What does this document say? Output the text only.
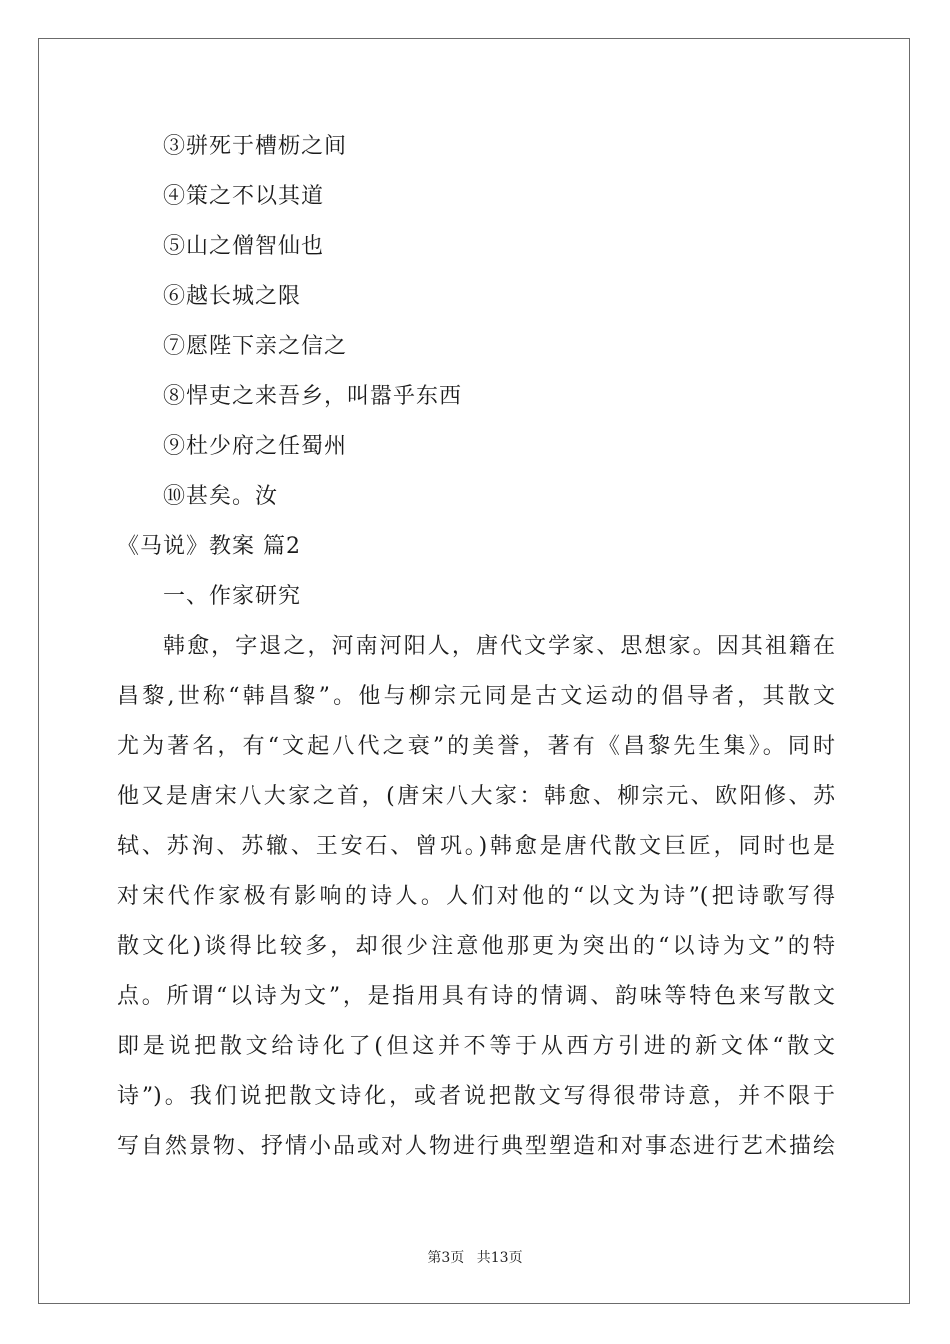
③骈死于槽枥之间
④策之不以其道
⑤山之僧智仙也
⑥越长城之限
⑦愿陛下亲之信之
⑧悍吏之来吾乡，叫嚣乎东西
⑨杜少府之任蜀州
⑩甚矣。汝
《马说》教案 篇2
一、作家研究
韩愈，字退之，河南河阳人，唐代文学家、思想家。因其祖籍在
昌黎,世称“韩昌黎”。他与柳宗元同是古文运动的倡导者，其散文
尤为著名，有“文起八代之衰”的美誉，著有《昌黎先生集》。同时
他又是唐宋八大家之首，(唐宋八大家：韩愈、柳宗元、欧阳修、苏
轼、苏洵、苏辙、王安石、曾巩。)韩愈是唐代散文巨匠，同时也是
对宋代作家极有影响的诗人。人们对他的“以文为诗”(把诗歌写得
散文化)谈得比较多，却很少注意他那更为突出的“以诗为文”的特
点。所谓“以诗为文”，是指用具有诗的情调、韵味等特色来写散文
即是说把散文给诗化了(但这并不等于从西方引进的新文体“散文
诗”)。我们说把散文诗化，或者说把散文写得很带诗意，并不限于
写自然景物、抒情小品或对人物进行典型塑造和对事态进行艺术描绘
第3页 共13页
